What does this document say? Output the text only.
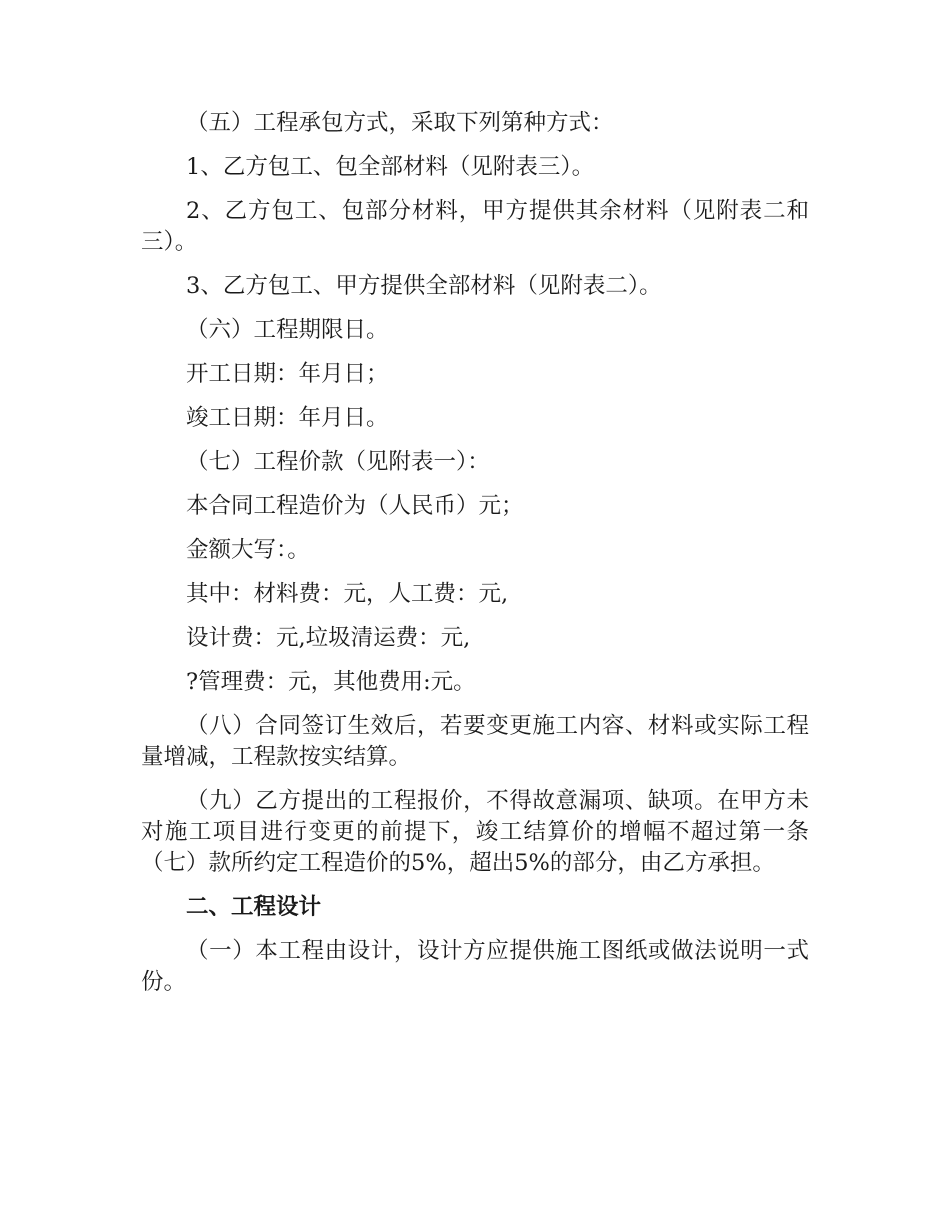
（五）工程承包方式，采取下列第种方式：

1、乙方包工、包全部材料（见附表三）。

2、乙方包工、包部分材料，甲方提供其余材料（见附表二和三）。

3、乙方包工、甲方提供全部材料（见附表二）。

（六）工程期限日。

开工日期：年月日；

竣工日期：年月日。

（七）工程价款（见附表一）：

本合同工程造价为（人民币）元；

金额大写：。

其中：材料费：元，人工费：元,

设计费：元,垃圾清运费：元,

?管理费：元，其他费用:元。

（八）合同签订生效后，若要变更施工内容、材料或实际工程量增减，工程款按实结算。

（九）乙方提出的工程报价，不得故意漏项、缺项。在甲方未对施工项目进行变更的前提下，竣工结算价的增幅不超过第一条（七）款所约定工程造价的5%，超出5%的部分，由乙方承担。

二、工程设计

（一）本工程由设计，设计方应提供施工图纸或做法说明一式份。
